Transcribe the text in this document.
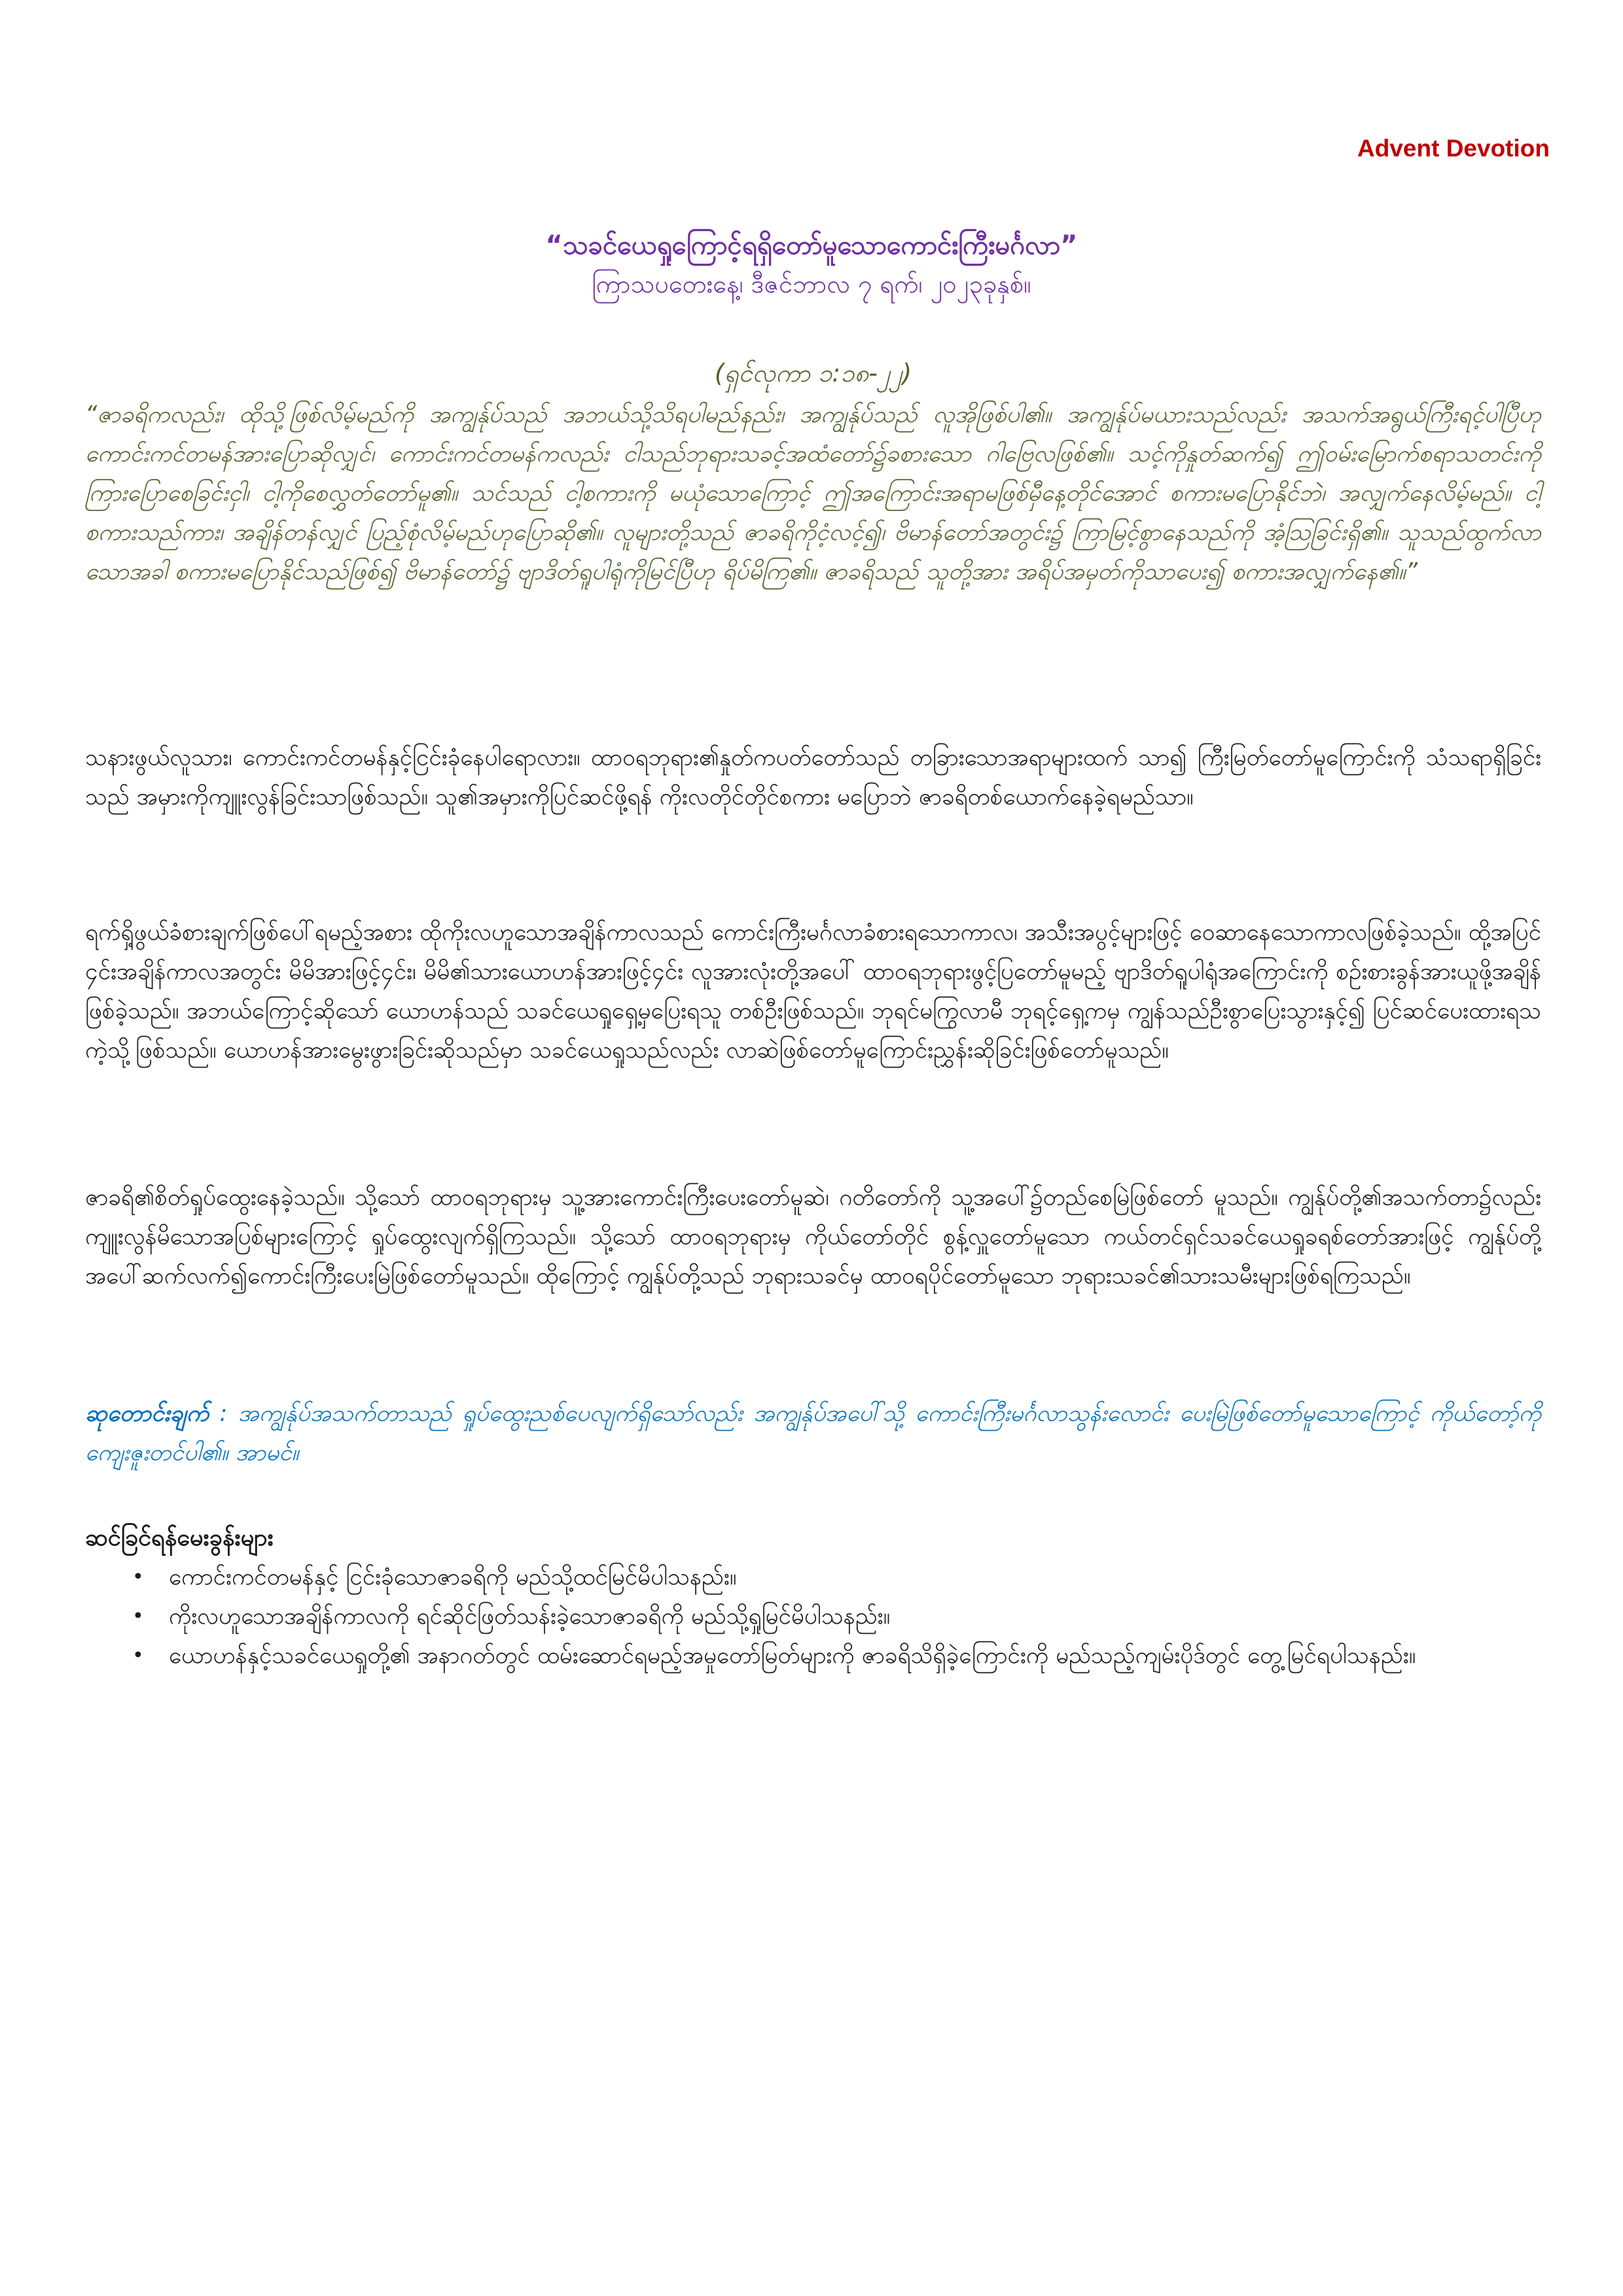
Advent Devotion
“သခင်ယေရှုကြောင့်ရရှိတော်မူသောကောင်းကြီးမင်္ဂလာ”
ကြာသပတေးနေ့၊ ဒီဇင်ဘာလ ၇ ရက်၊ ၂၀၂၃ခုနှစ်။
(ရှင်လုကာ ၁:၁၈-၂၂)

“ဇာခရိကလည်း၊ ထိုသို့ဖြစ်လိမ့်မည်ကို အကျွန်ုပ်သည် အဘယ်သို့သိရပါမည်နည်း၊ အကျွန်ုပ်သည် လူအိုဖြစ်ပါ၏။ အကျွန်ုပ်မယားသည်လည်း အသက်အရွယ်ကြီးရင့်ပါပြီဟု ကောင်းကင်တမန်အားပြောဆိုလျှင်၊ ကောင်းကင်တမန်ကလည်း ငါသည်ဘုရားသခင့်အထံတော်၌ခစားသော ဂါဗြေလဖြစ်၏။ သင့်ကိုနှုတ်ဆက်၍ ဤဝမ်းမြောက်စရာသတင်းကို ကြားပြောစေခြင်းငှါ၊ ငါ့ကိုစေလွှတ်တော်မူ၏။ သင်သည် ငါ့စကားကို မယုံသောကြောင့် ဤအကြောင်းအရာမဖြစ်မှီနေ့တိုင်အောင် စကားမပြောနိုင်ဘဲ၊ အလျှက်နေလိမ့်မည်။ ငါ့စကားသည်ကား၊ အချိန်တန်လျှင် ပြည့်စုံလိမ့်မည်ဟုပြောဆို၏။ လူများတို့သည် ဇာခရိကိုငံ့လင့်၍၊ ဗိမာန်တော်အတွင်း၌ ကြာမြင့်စွာနေသည်ကို အံ့ဩခြင်းရှိ၏။ သူသည်ထွက်လာ သောအခါ စကားမပြောနိုင်သည်ဖြစ်၍ ဗိမာန်တော်၌ ဗျာဒိတ်ရူပါရုံကိုမြင်ပြီဟု ရိပ်မိကြ၏။ ဇာခရိသည် သူတို့အား အရိပ်အမှတ်ကိုသာပေး၍ စကားအလျှက်နေ၏။”

သနားဖွယ်လူသား၊ ကောင်းကင်တမန်နှင့်ငြင်းခုံနေပါရောလား။ ထာဝရဘုရား၏နှုတ်ကပတ်တော်သည် တခြားသောအရာများထက် သာ၍ ကြီးမြတ်တော်မူကြောင်းကို သံသရာရှိခြင်းသည် အမှားကိုကျူးလွန်ခြင်းသာဖြစ်သည်။ သူ၏အမှားကိုပြင်ဆင်ဖို့ရန် ကိုးလတိုင်တိုင်စကား မပြောဘဲ ဇာခရိတစ်ယောက်နေခဲ့ရမည်သာ။

ရက်ရှိ့ဖွယ်ခံစားချက်ဖြစ်ပေါ်ရမည့်အစား ထိုကိုးလဟူသောအချိန်ကာလသည် ကောင်းကြီးမင်္ဂလာခံစားရသောကာလ၊ အသီးအပွင့်များဖြင့် ဝေဆာနေသောကာလဖြစ်ခဲ့သည်။ ထို့အပြင် ၄င်းအချိန်ကာလအတွင်း မိမိအားဖြင့်၄င်း၊ မိမိ၏သားယောဟန်အားဖြင့်၄င်း လူအားလုံးတို့အပေါ် ထာဝရဘုရားဖွင့်ပြတော်မူမည့် ဗျာဒိတ်ရူပါရုံအကြောင်းကို စဉ်းစားခွန်အားယူဖို့အချိန်ဖြစ်ခဲ့သည်။ အဘယ်ကြောင့်ဆိုသော် ယောဟန်သည် သခင်ယေရှုရှေ့မှပြေးရသူ တစ်ဦးဖြစ်သည်။ ဘုရင်မကြွလာမီ ဘုရင့်ရှေ့ကမှ ကျွန်သည်ဦးစွာပြေးသွားနှင့်၍ ပြင်ဆင်ပေးထားရသကဲ့သို့ဖြစ်သည်။ ယောဟန်အားမွေးဖွားခြင်းဆိုသည်မှာ သခင်ယေရှုသည်လည်း လာဆဲဖြစ်တော်မူကြောင်းညွှန်းဆိုခြင်းဖြစ်တော်မူသည်။

ဇာခရိ၏စိတ်ရှုပ်ထွေးနေခဲ့သည်။ သို့သော် ထာဝရဘုရားမှ သူ့အားကောင်းကြီးပေးတော်မူဆဲ၊ ဂတိတော်ကို သူ့အပေါ်၌တည်စေမြဲဖြစ်တော် မူသည်။ ကျွန်ုပ်တို့၏အသက်တာ၌လည်း ကျူးလွန်မိသောအပြစ်များကြောင့် ရှုပ်ထွေးလျက်ရှိကြသည်။ သို့သော် ထာဝရဘုရားမှ ကိုယ်တော်တိုင် စွန့်လှူတော်မူသော ကယ်တင်ရှင်သခင်ယေရှုခရစ်တော်အားဖြင့် ကျွန်ုပ်တို့အပေါ်ဆက်လက်၍ကောင်းကြီးပေးမြဲဖြစ်တော်မူသည်။ ထိုကြောင့် ကျွန်ုပ်တို့သည် ဘုရားသခင်မှ ထာဝရပိုင်တော်မူသော ဘုရားသခင်၏သားသမီးများဖြစ်ရကြသည်။

ဆုတောင်းချက် : အကျွန်ုပ်အသက်တာသည် ရှုပ်ထွေးညစ်ပေလျက်ရှိသော်လည်း အကျွန်ုပ်အပေါ်သို့ ကောင်းကြီးမင်္ဂလာသွန်းလောင်း ပေးမြဲဖြစ်တော်မူသောကြောင့် ကိုယ်တော့်ကို ကျေးဇူးတင်ပါ၏။ အာမင်။

ဆင်ခြင်ရန်မေးခွန်းများ
• ကောင်းကင်တမန်နှင့် ငြင်းခုံသောဇာခရိကို မည်သို့ထင်မြင်မိပါသနည်း။
• ကိုးလဟူသောအချိန်ကာလကို ရင်ဆိုင်ဖြတ်သန်းခဲ့သောဇာခရိကို မည်သို့ရှုမြင်မိပါသနည်း။
• ယောဟန်နှင့်သခင်ယေရှုတို့၏ အနာဂတ်တွင် ထမ်းဆောင်ရမည့်အမှုတော်မြတ်များကို ဇာခရိသိရှိခဲ့ကြောင်းကို မည်သည့်ကျမ်းပိုဒ်တွင် တွေ့မြင်ရပါသနည်း။
